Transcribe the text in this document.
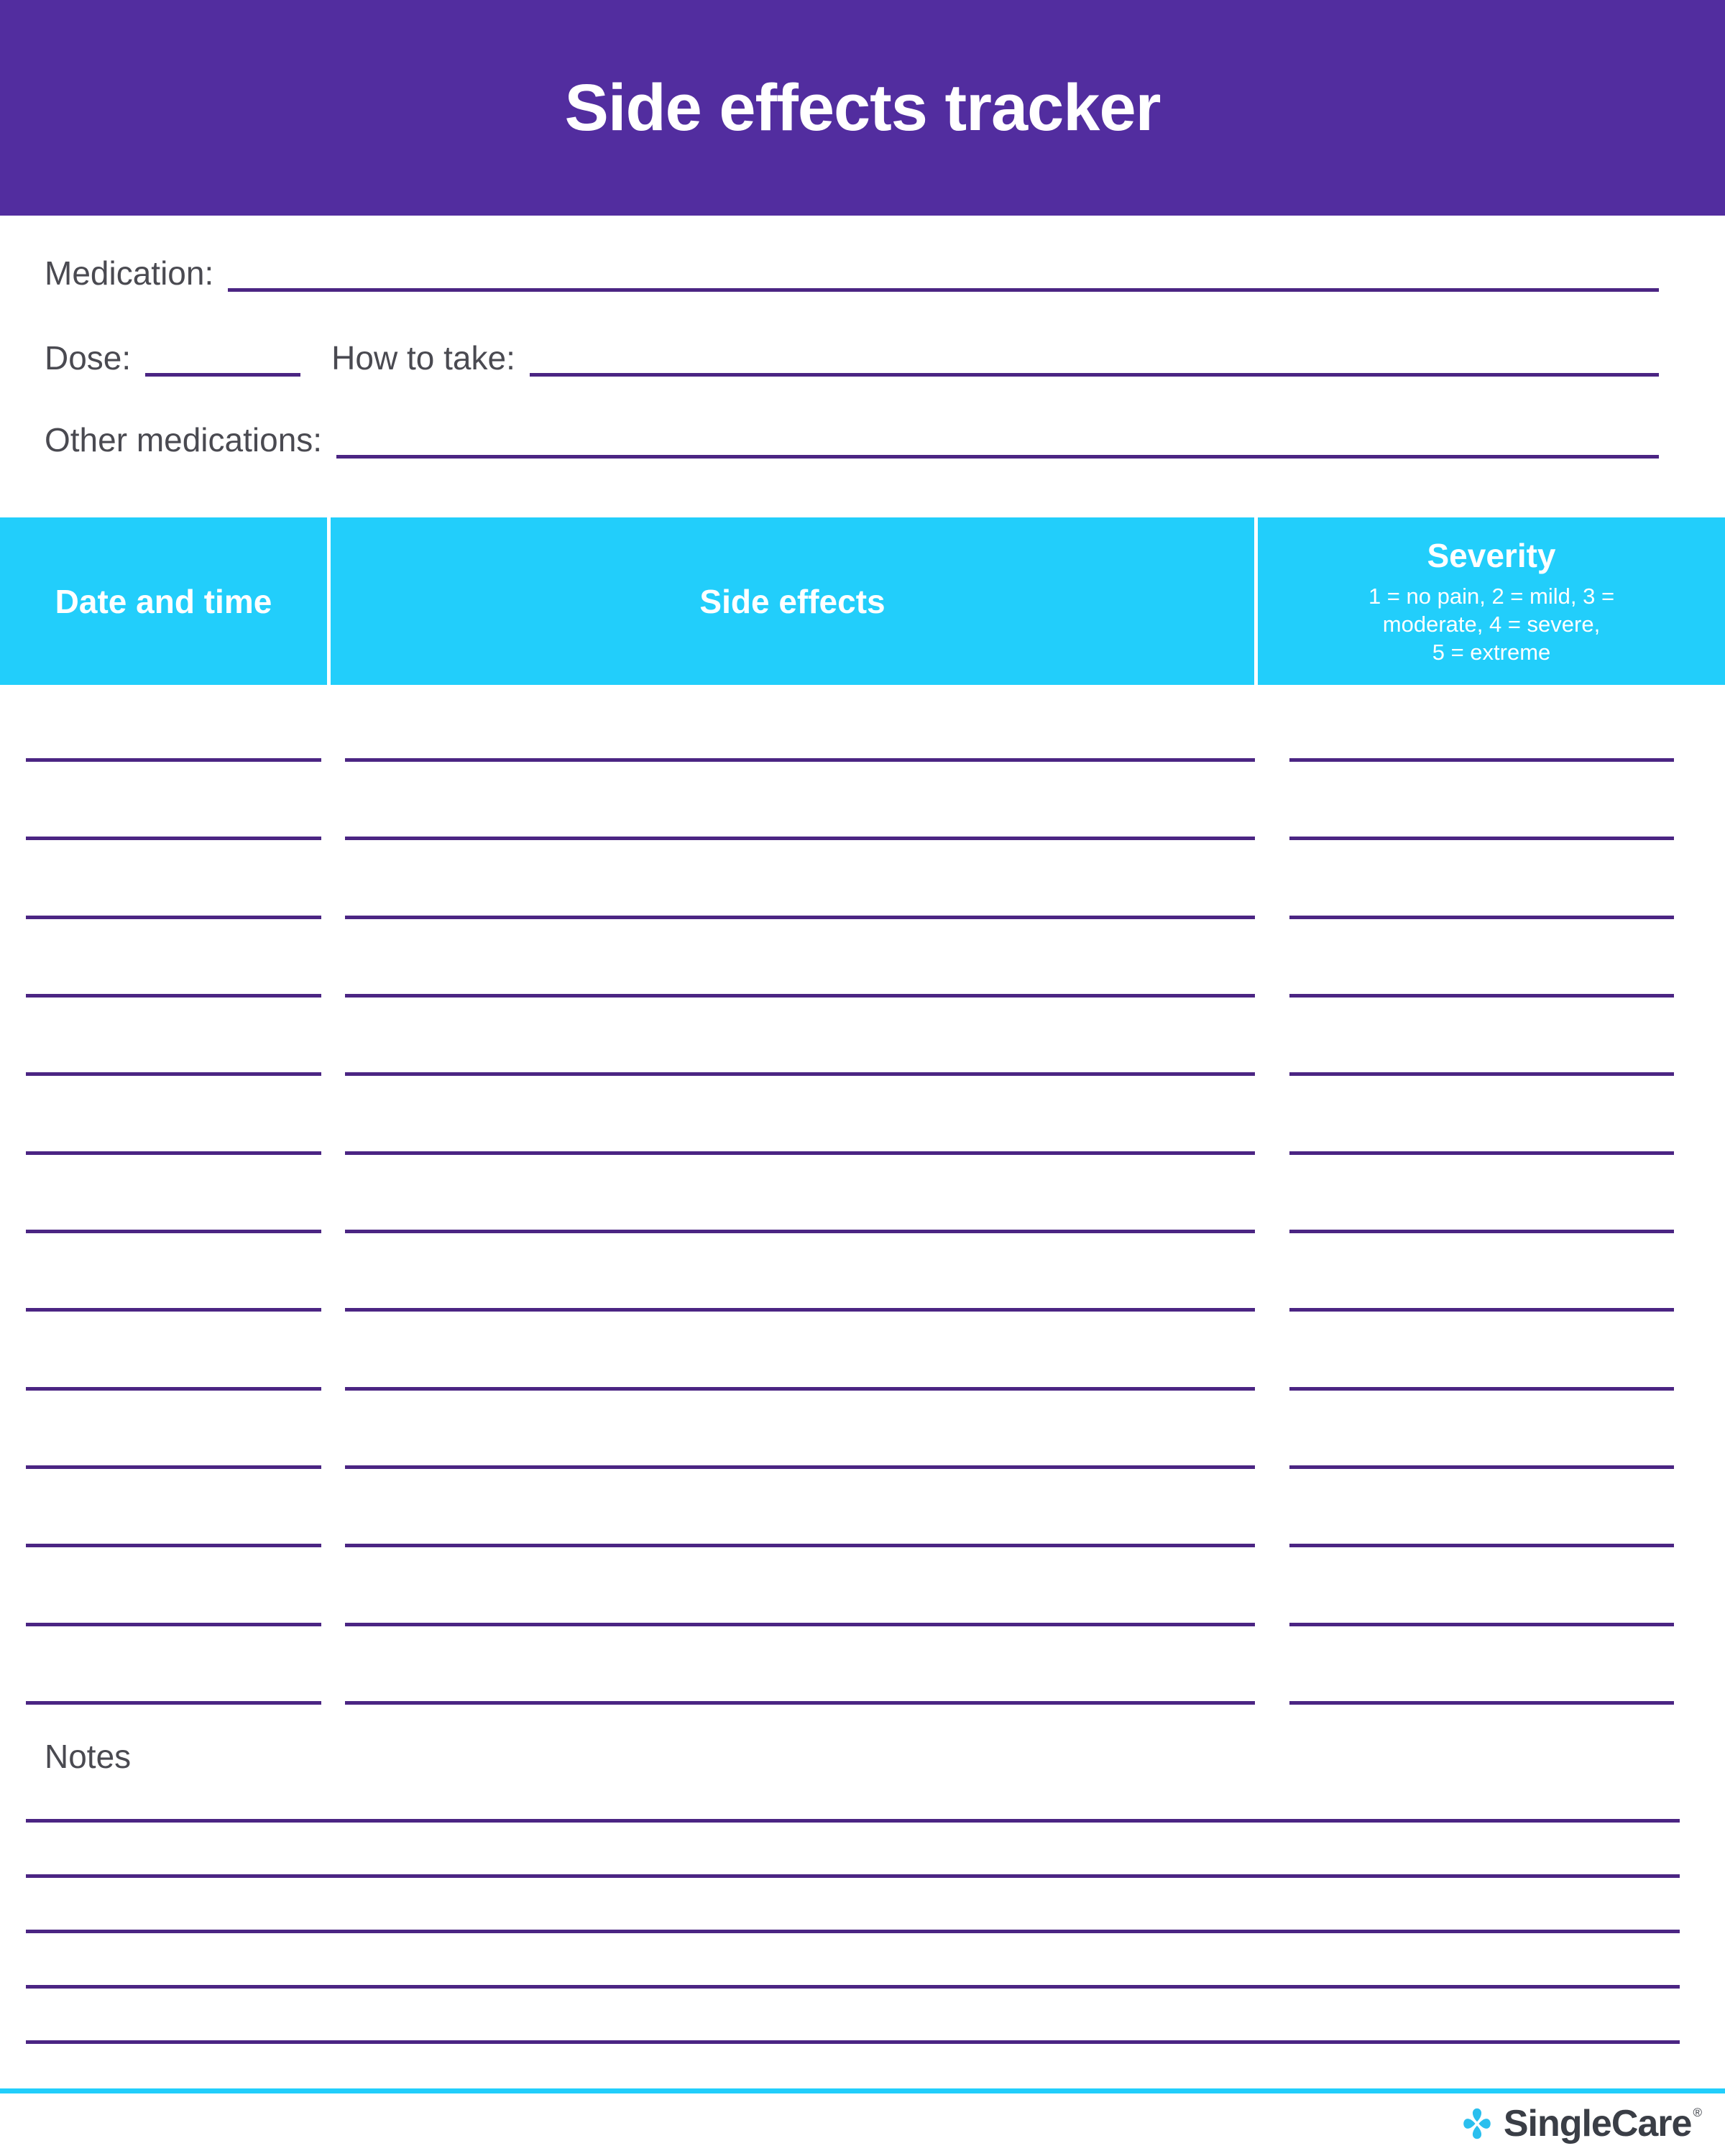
Side effects tracker
Medication:
Dose:	How to take:
Other medications:
Date and time	Side effects
Severity
1 = no pain, 2 = mild, 3 =
moderate, 4 = severe,
5 = extreme
Notes
SingleCare ®
